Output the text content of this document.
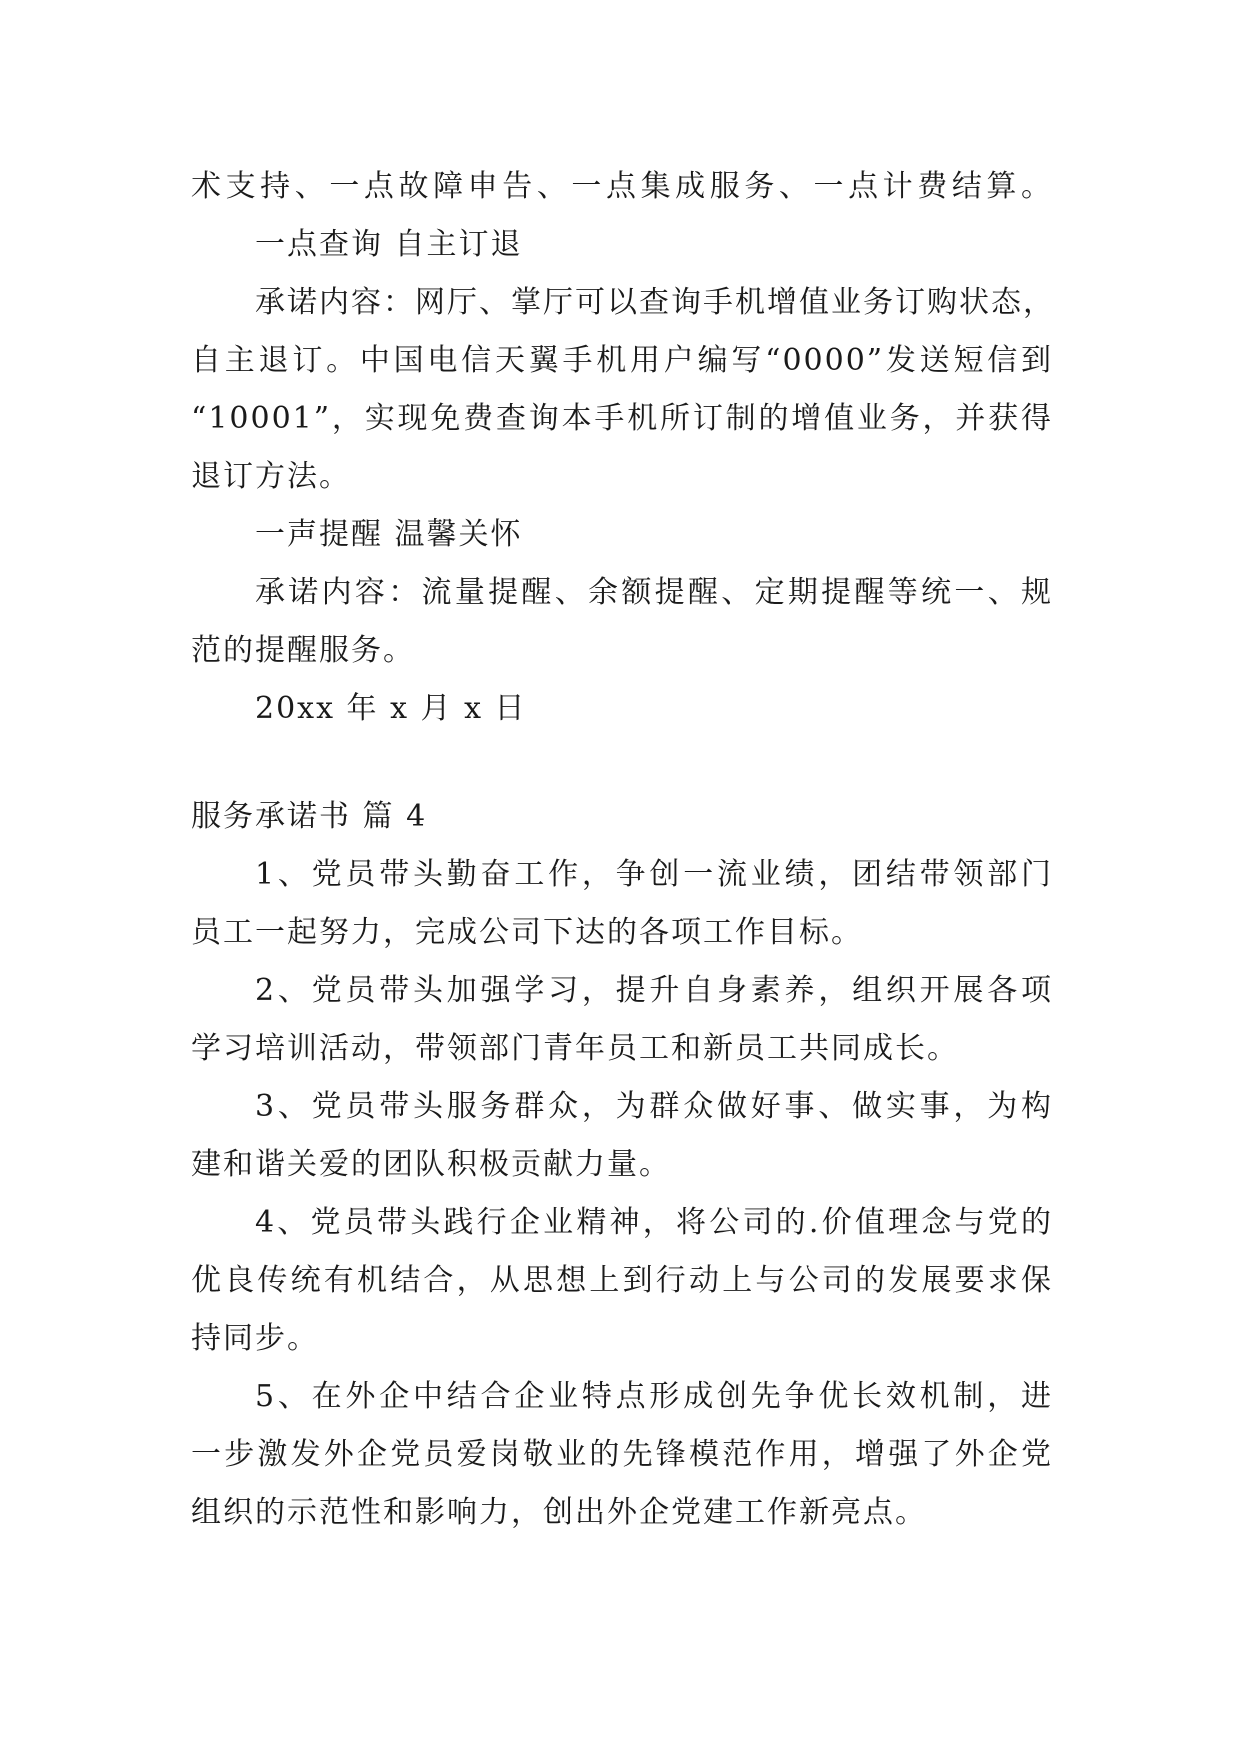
术支持、一点故障申告、一点集成服务、一点计费结算。
一点查询 自主订退
承诺内容：网厅、掌厅可以查询手机增值业务订购状态，
自主退订。中国电信天翼手机用户编写“0000”发送短信到
“10001”，实现免费查询本手机所订制的增值业务，并获得
退订方法。
一声提醒 温馨关怀
承诺内容：流量提醒、余额提醒、定期提醒等统一、规
范的提醒服务。
20xx 年 x 月 x 日
服务承诺书 篇 4
1、党员带头勤奋工作，争创一流业绩，团结带领部门
员工一起努力，完成公司下达的各项工作目标。
2、党员带头加强学习，提升自身素养，组织开展各项
学习培训活动，带领部门青年员工和新员工共同成长。
3、党员带头服务群众，为群众做好事、做实事，为构
建和谐关爱的团队积极贡献力量。
4、党员带头践行企业精神，将公司的.价值理念与党的
优良传统有机结合，从思想上到行动上与公司的发展要求保
持同步。
5、在外企中结合企业特点形成创先争优长效机制，进
一步激发外企党员爱岗敬业的先锋模范作用，增强了外企党
组织的示范性和影响力，创出外企党建工作新亮点。
